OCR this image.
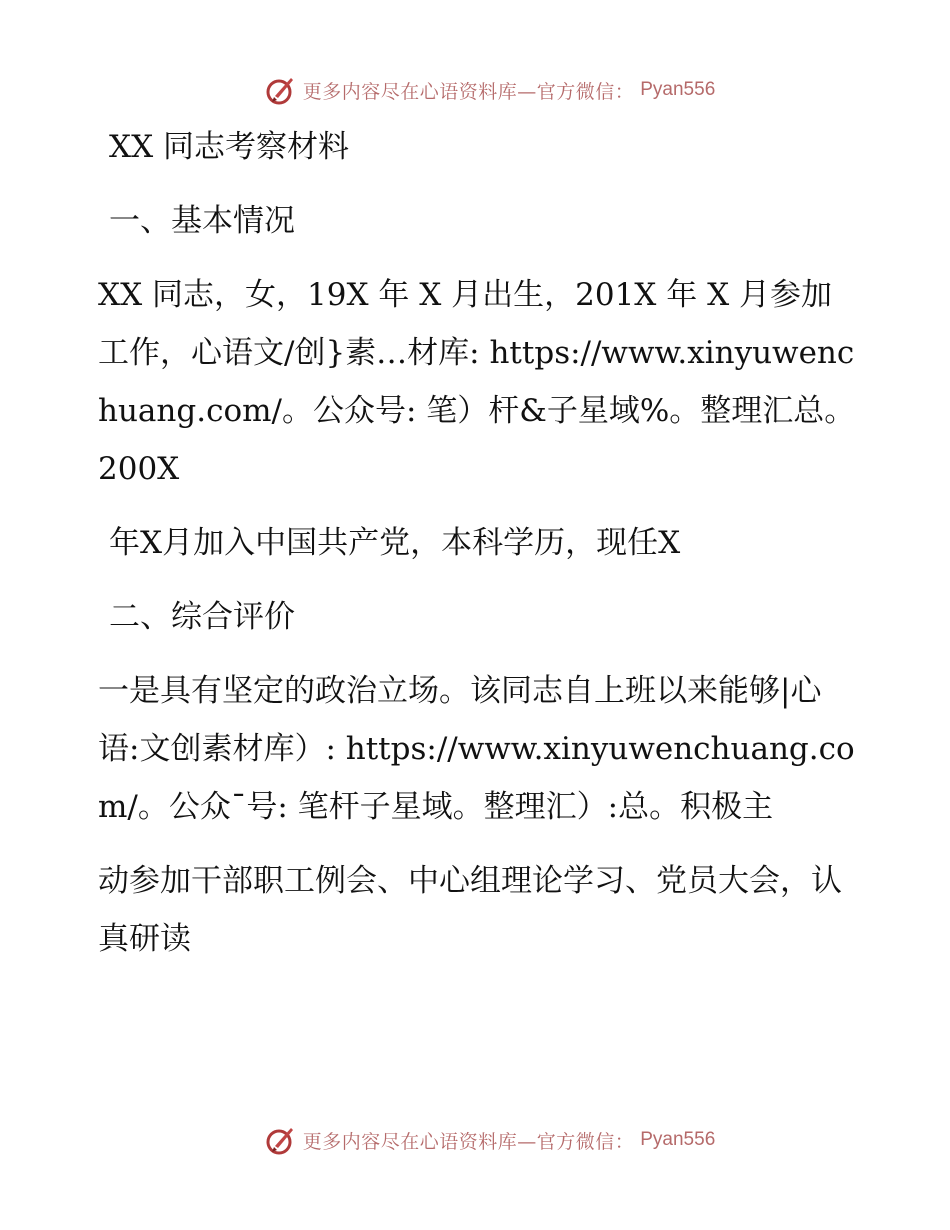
更多内容尽在心语资料库—官方微信： Pyan556

XX 同志考察材料

一、基本情况

XX 同志，女，19X 年 X 月出生，201X 年 X 月参加工作，心语文/创}素…材库: https://www.xinyuwenchuang.com/。公众号: 笔）杆&子星域%。整理汇总。200X

年X月加入中国共产党，本科学历，现任X

二、综合评价

一是具有坚定的政治立场。该同志自上班以来能够|心语:文创素材库）: https://www.xinyuwenchuang.com/。公众¯号: 笔杆子星域。整理汇）:总。积极主

动参加干部职工例会、中心组理论学习、党员大会，认真研读

更多内容尽在心语资料库—官方微信： Pyan556
